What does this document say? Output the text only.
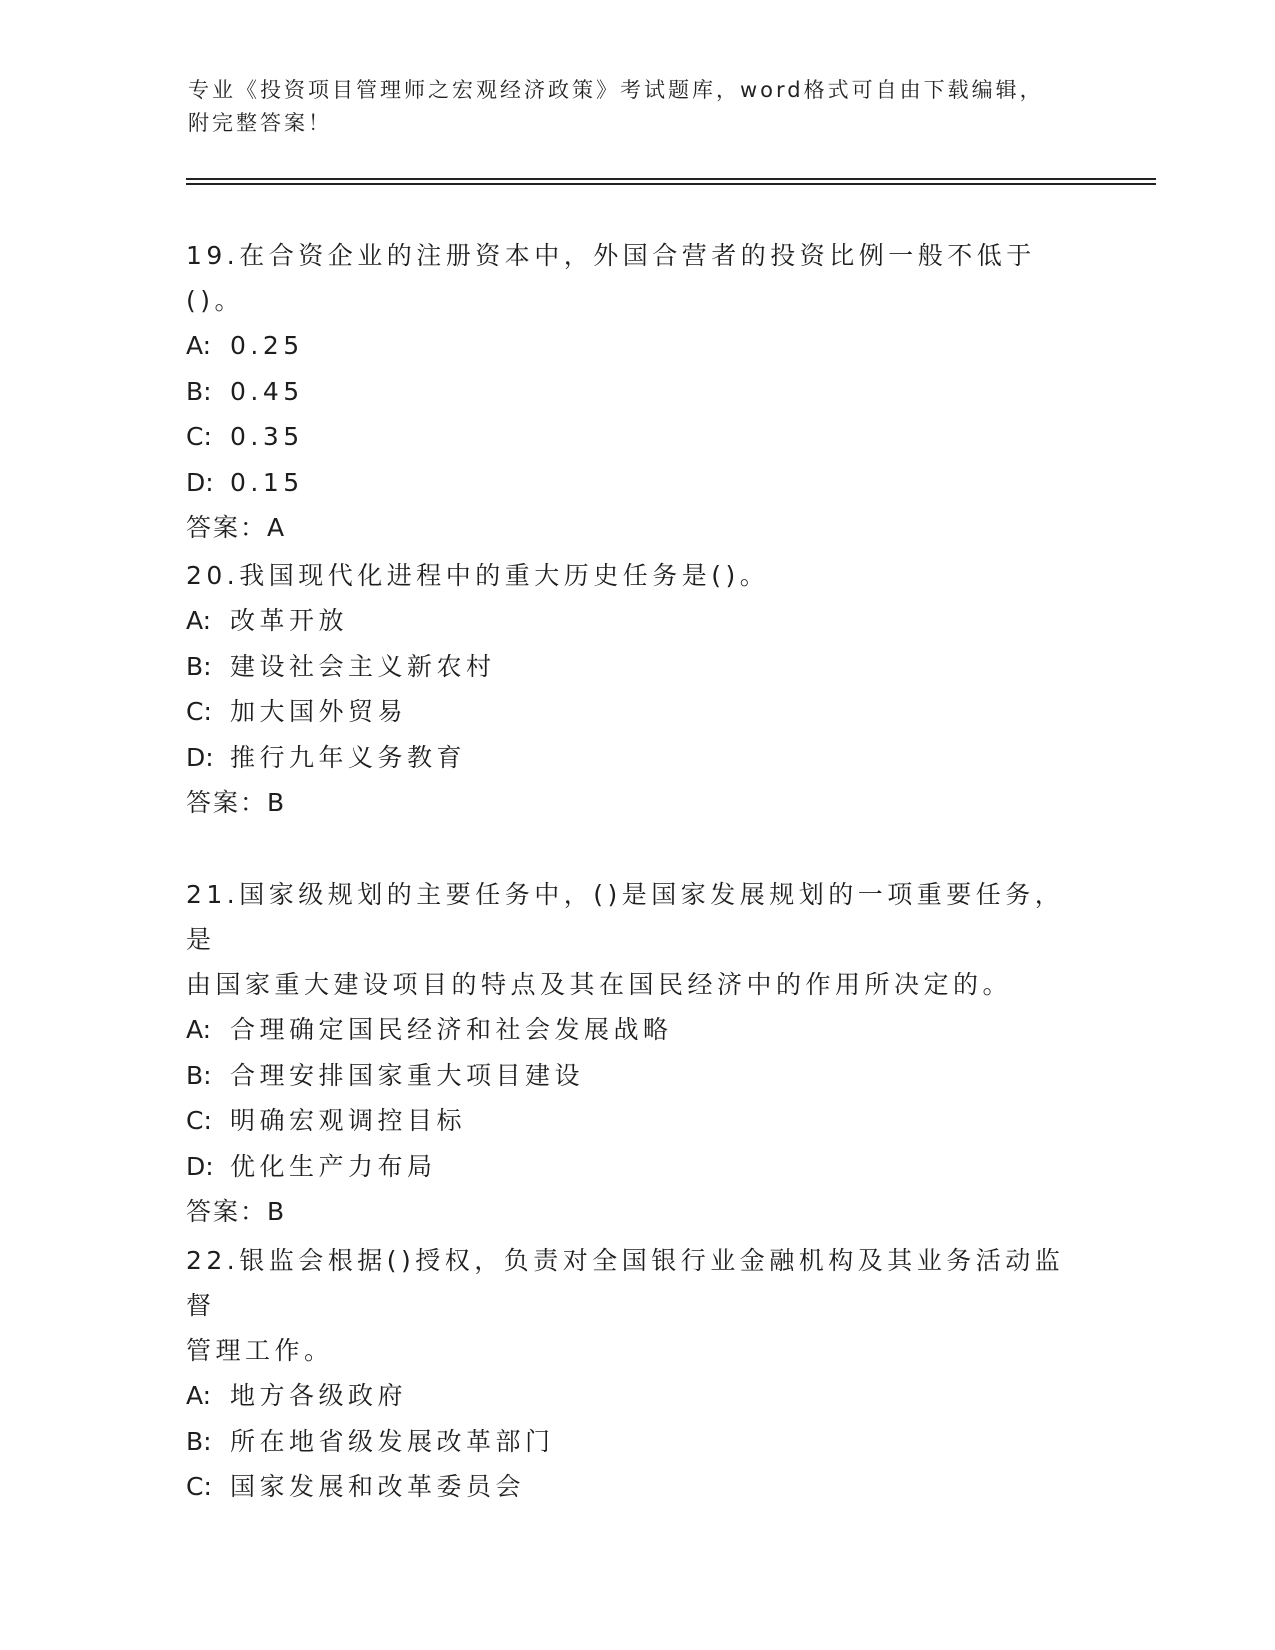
专业《投资项目管理师之宏观经济政策》考试题库，word格式可自由下载编辑，
附完整答案！
19.在合资企业的注册资本中，外国合营者的投资比例一般不低于()。
A: 0.25
B: 0.45
C: 0.35
D: 0.15
答案：A
20.我国现代化进程中的重大历史任务是()。
A: 改革开放
B: 建设社会主义新农村
C: 加大国外贸易
D: 推行九年义务教育
答案：B
21.国家级规划的主要任务中，()是国家发展规划的一项重要任务，是
由国家重大建设项目的特点及其在国民经济中的作用所决定的。
A: 合理确定国民经济和社会发展战略
B: 合理安排国家重大项目建设
C: 明确宏观调控目标
D: 优化生产力布局
答案：B
22.银监会根据()授权，负责对全国银行业金融机构及其业务活动监督
管理工作。
A: 地方各级政府
B: 所在地省级发展改革部门
C: 国家发展和改革委员会
